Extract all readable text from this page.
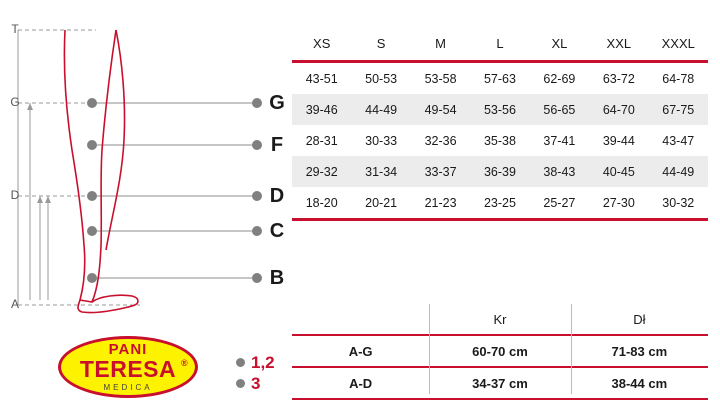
T
G
D
A
G
F
D
C
B
PANI
TERESA ®
MEDICA
1,2
3
XS	S	M	L	XL	XXL	XXXL
43-51	50-53	53-58	57-63	62-69	63-72	64-78
39-46	44-49	49-54	53-56	56-65	64-70	67-75
28-31	30-33	32-36	35-38	37-41	39-44	43-47
29-32	31-34	33-37	36-39	38-43	40-45	44-49
18-20	20-21	21-23	23-25	25-27	27-30	30-32
	Kr	Dł
A-G	60-70 cm	71-83 cm
A-D	34-37 cm	38-44 cm
